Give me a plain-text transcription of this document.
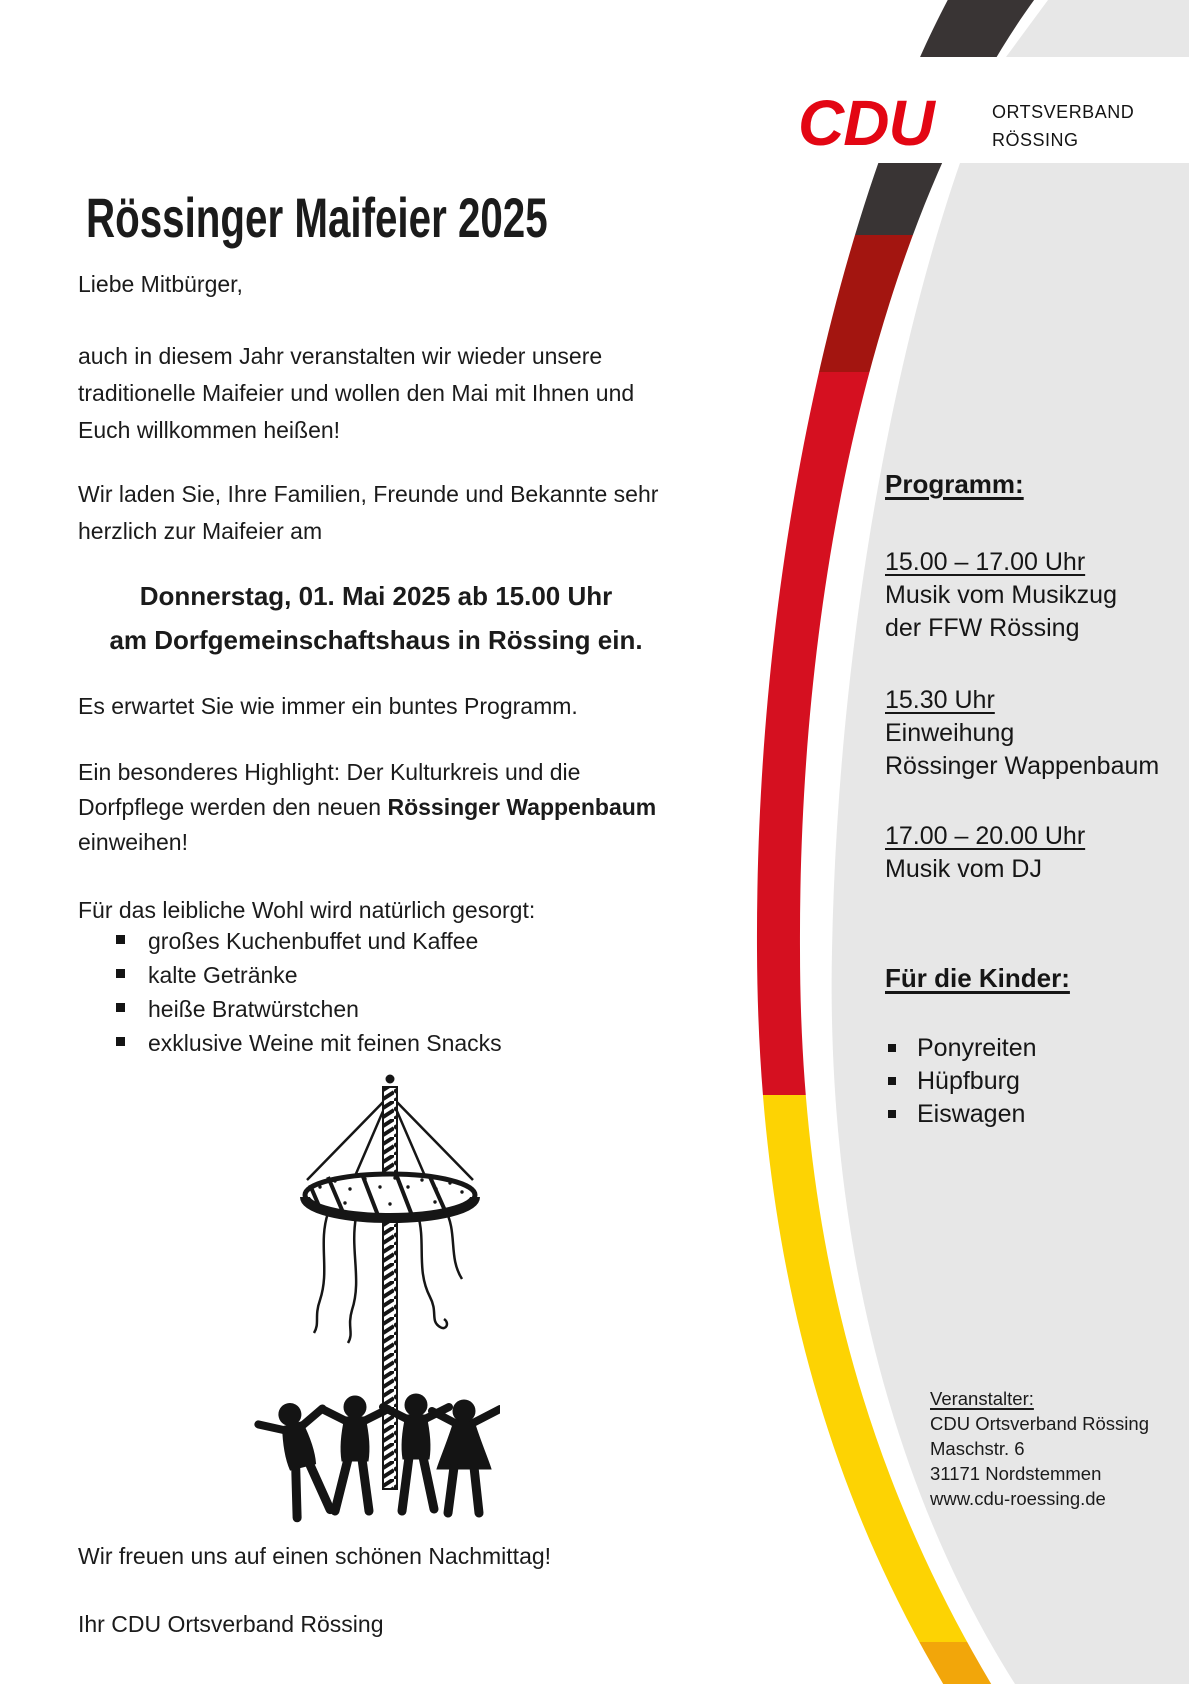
CDU	ORTSVERBAND
RÖSSING
Rössinger Maifeier 2025
Liebe Mitbürger,
auch in diesem Jahr veranstalten wir wieder unsere traditionelle Maifeier und wollen den Mai mit Ihnen und Euch willkommen heißen!
Wir laden Sie, Ihre Familien, Freunde und Bekannte sehr herzlich zur Maifeier am
Donnerstag, 01. Mai 2025 ab 15.00 Uhr
am Dorfgemeinschaftshaus in Rössing ein.
Es erwartet Sie wie immer ein buntes Programm.
Ein besonderes Highlight: Der Kulturkreis und die Dorfpflege werden den neuen Rössinger Wappenbaum einweihen!
Für das leibliche Wohl wird natürlich gesorgt:
großes Kuchenbuffet und Kaffee
kalte Getränke
heiße Bratwürstchen
exklusive Weine mit feinen Snacks
Wir freuen uns auf einen schönen Nachmittag!
Ihr CDU Ortsverband Rössing
Programm:
15.00 – 17.00 Uhr
Musik vom Musikzug
der FFW Rössing
15.30 Uhr
Einweihung
Rössinger Wappenbaum
17.00 – 20.00 Uhr
Musik vom DJ
Für die Kinder:
Ponyreiten
Hüpfburg
Eiswagen
Veranstalter:
CDU Ortsverband Rössing
Maschstr. 6
31171 Nordstemmen
www.cdu-roessing.de
